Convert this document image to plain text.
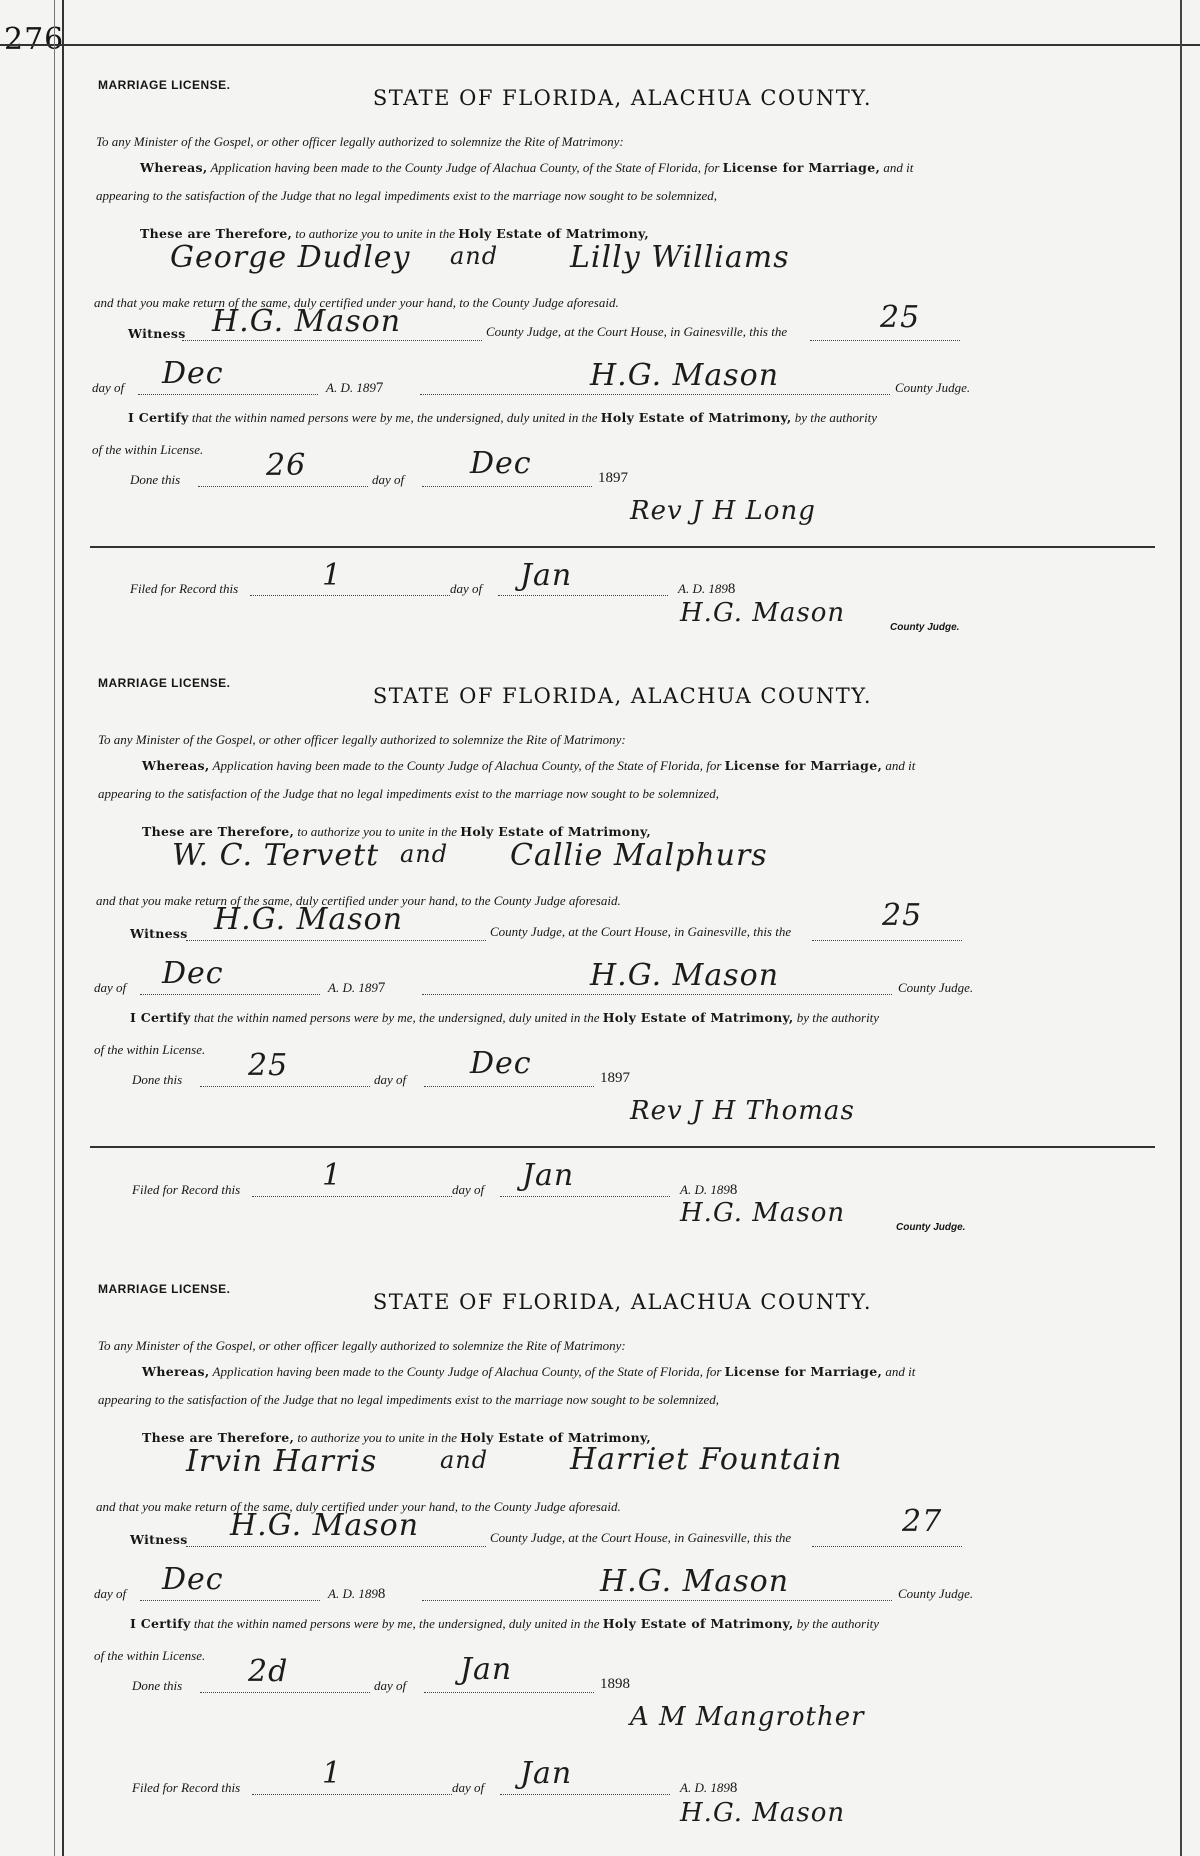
276
MARRIAGE LICENSE.
STATE OF FLORIDA, ALACHUA COUNTY.
To any Minister of the Gospel, or other officer legally authorized to solemnize the Rite of Matrimony:
Whereas, Application having been made to the County Judge of Alachua County, of the State of Florida, for License for Marriage, and it
appearing to the satisfaction of the Judge that no legal impediments exist to the marriage now sought to be solemnized,
These are Therefore, to authorize you to unite in the Holy Estate of Matrimony,
George Dudley and Lilly Williams
and that you make return of the same, duly certified under your hand, to the County Judge aforesaid.
Witness H.G. Mason	County Judge, at the Court House, in Gainesville, this the	25
day of Dec	A. D. 1897	H.G. Mason	County Judge.
I Certify that the within named persons were by me, the undersigned, duly united in the Holy Estate of Matrimony, by the authority
of the within License.
Done this	26	day of Dec	1897
Rev J H Long
Filed for Record this	1	day of Jan	A. D. 1898
H.G. Mason	County Judge.
MARRIAGE LICENSE.
STATE OF FLORIDA, ALACHUA COUNTY.
To any Minister of the Gospel, or other officer legally authorized to solemnize the Rite of Matrimony:
Whereas, Application having been made to the County Judge of Alachua County, of the State of Florida, for License for Marriage, and it
appearing to the satisfaction of the Judge that no legal impediments exist to the marriage now sought to be solemnized,
These are Therefore, to authorize you to unite in the Holy Estate of Matrimony,
W. C. Tervett and Callie Malphurs
and that you make return of the same, duly certified under your hand, to the County Judge aforesaid.
Witness H.G. Mason	County Judge, at the Court House, in Gainesville, this the	25
day of Dec	A. D. 1897	H.G. Mason	County Judge.
I Certify that the within named persons were by me, the undersigned, duly united in the Holy Estate of Matrimony, by the authority
of the within License.
Done this 25	day of Dec	1897
Rev J H Thomas
Filed for Record this	1	day of Jan	A. D. 1898
H.G. Mason	County Judge.
MARRIAGE LICENSE.
STATE OF FLORIDA, ALACHUA COUNTY.
To any Minister of the Gospel, or other officer legally authorized to solemnize the Rite of Matrimony:
Whereas, Application having been made to the County Judge of Alachua County, of the State of Florida, for License for Marriage, and it
appearing to the satisfaction of the Judge that no legal impediments exist to the marriage now sought to be solemnized,
These are Therefore, to authorize you to unite in the Holy Estate of Matrimony,
Irvin Harris	and	Harriet Fountain
and that you make return of the same, duly certified under your hand, to the County Judge aforesaid.
Witness H.G. Mason	County Judge, at the Court House, in Gainesville, this the	27
day of Dec	A. D. 1898	H.G. Mason	County Judge.
I Certify that the within named persons were by me, the undersigned, duly united in the Holy Estate of Matrimony, by the authority
of the within License.
Done this 2d	day of Jan	1898
A M Mangrother
Filed for Record this	1	day of Jan	A. D. 1898
H.G. Mason
